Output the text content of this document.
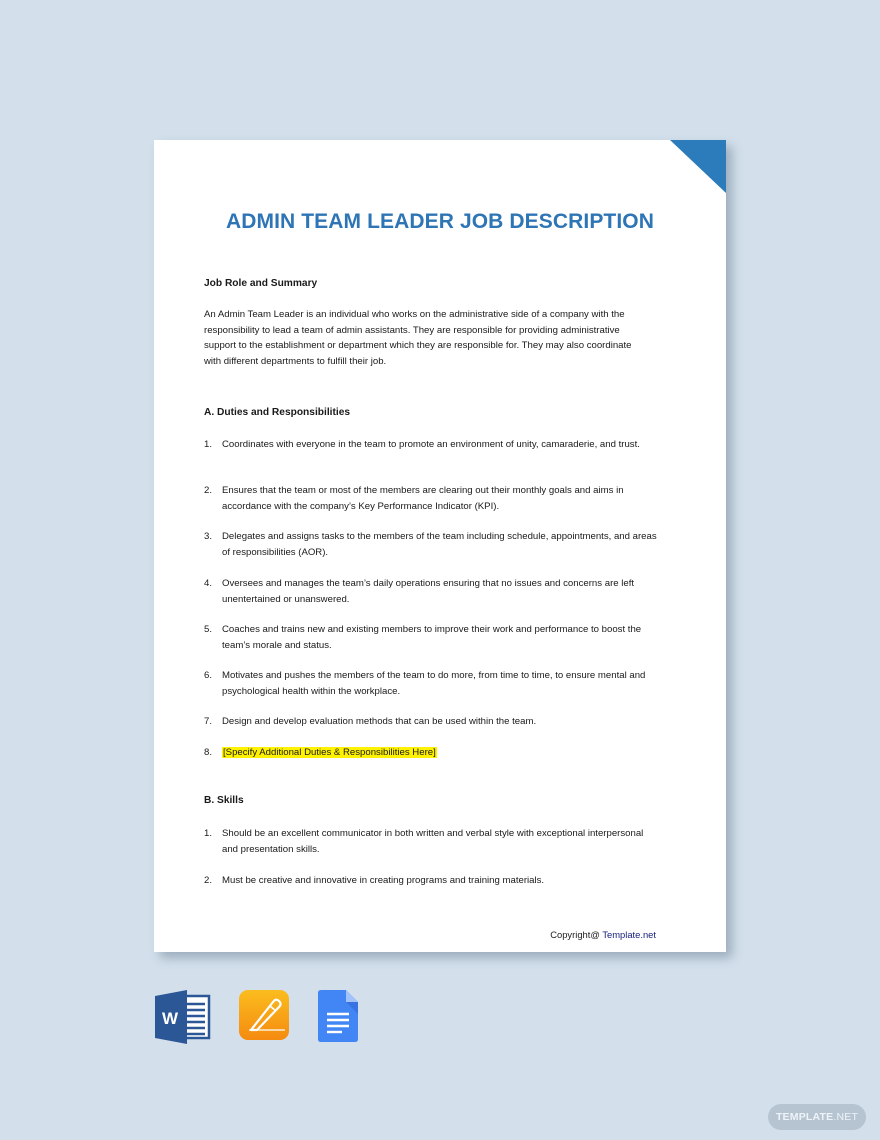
ADMIN TEAM LEADER JOB DESCRIPTION
Job Role and Summary
An Admin Team Leader is an individual who works on the administrative side of a company with the
responsibility to lead a team of admin assistants. They are responsible for providing administrative
support to the establishment or department which they are responsible for. They may also coordinate
with different departments to fulfill their job.
A. Duties and Responsibilities
1.	Coordinates with everyone in the team to promote an environment of unity, camaraderie, and trust.
2.	Ensures that the team or most of the members are clearing out their monthly goals and aims in accordance with the company’s Key Performance Indicator (KPI).
3.	Delegates and assigns tasks to the members of the team including schedule, appointments, and areas of responsibilities (AOR).
4.	Oversees and manages the team’s daily operations ensuring that no issues and concerns are left unentertained or unanswered.
5.	Coaches and trains new and existing members to improve their work and performance to boost the team’s morale and status.
6.	Motivates and pushes the members of the team to do more, from time to time, to ensure mental and psychological health within the workplace.
7.	Design and develop evaluation methods that can be used within the team.
8.	[Specify Additional Duties & Responsibilities Here]
B. Skills
1.	Should be an excellent communicator in both written and verbal style with exceptional interpersonal and presentation skills.
2.	Must be creative and innovative in creating programs and training materials.
Copyright@ Template.net
W
TEMPLATE.NET
